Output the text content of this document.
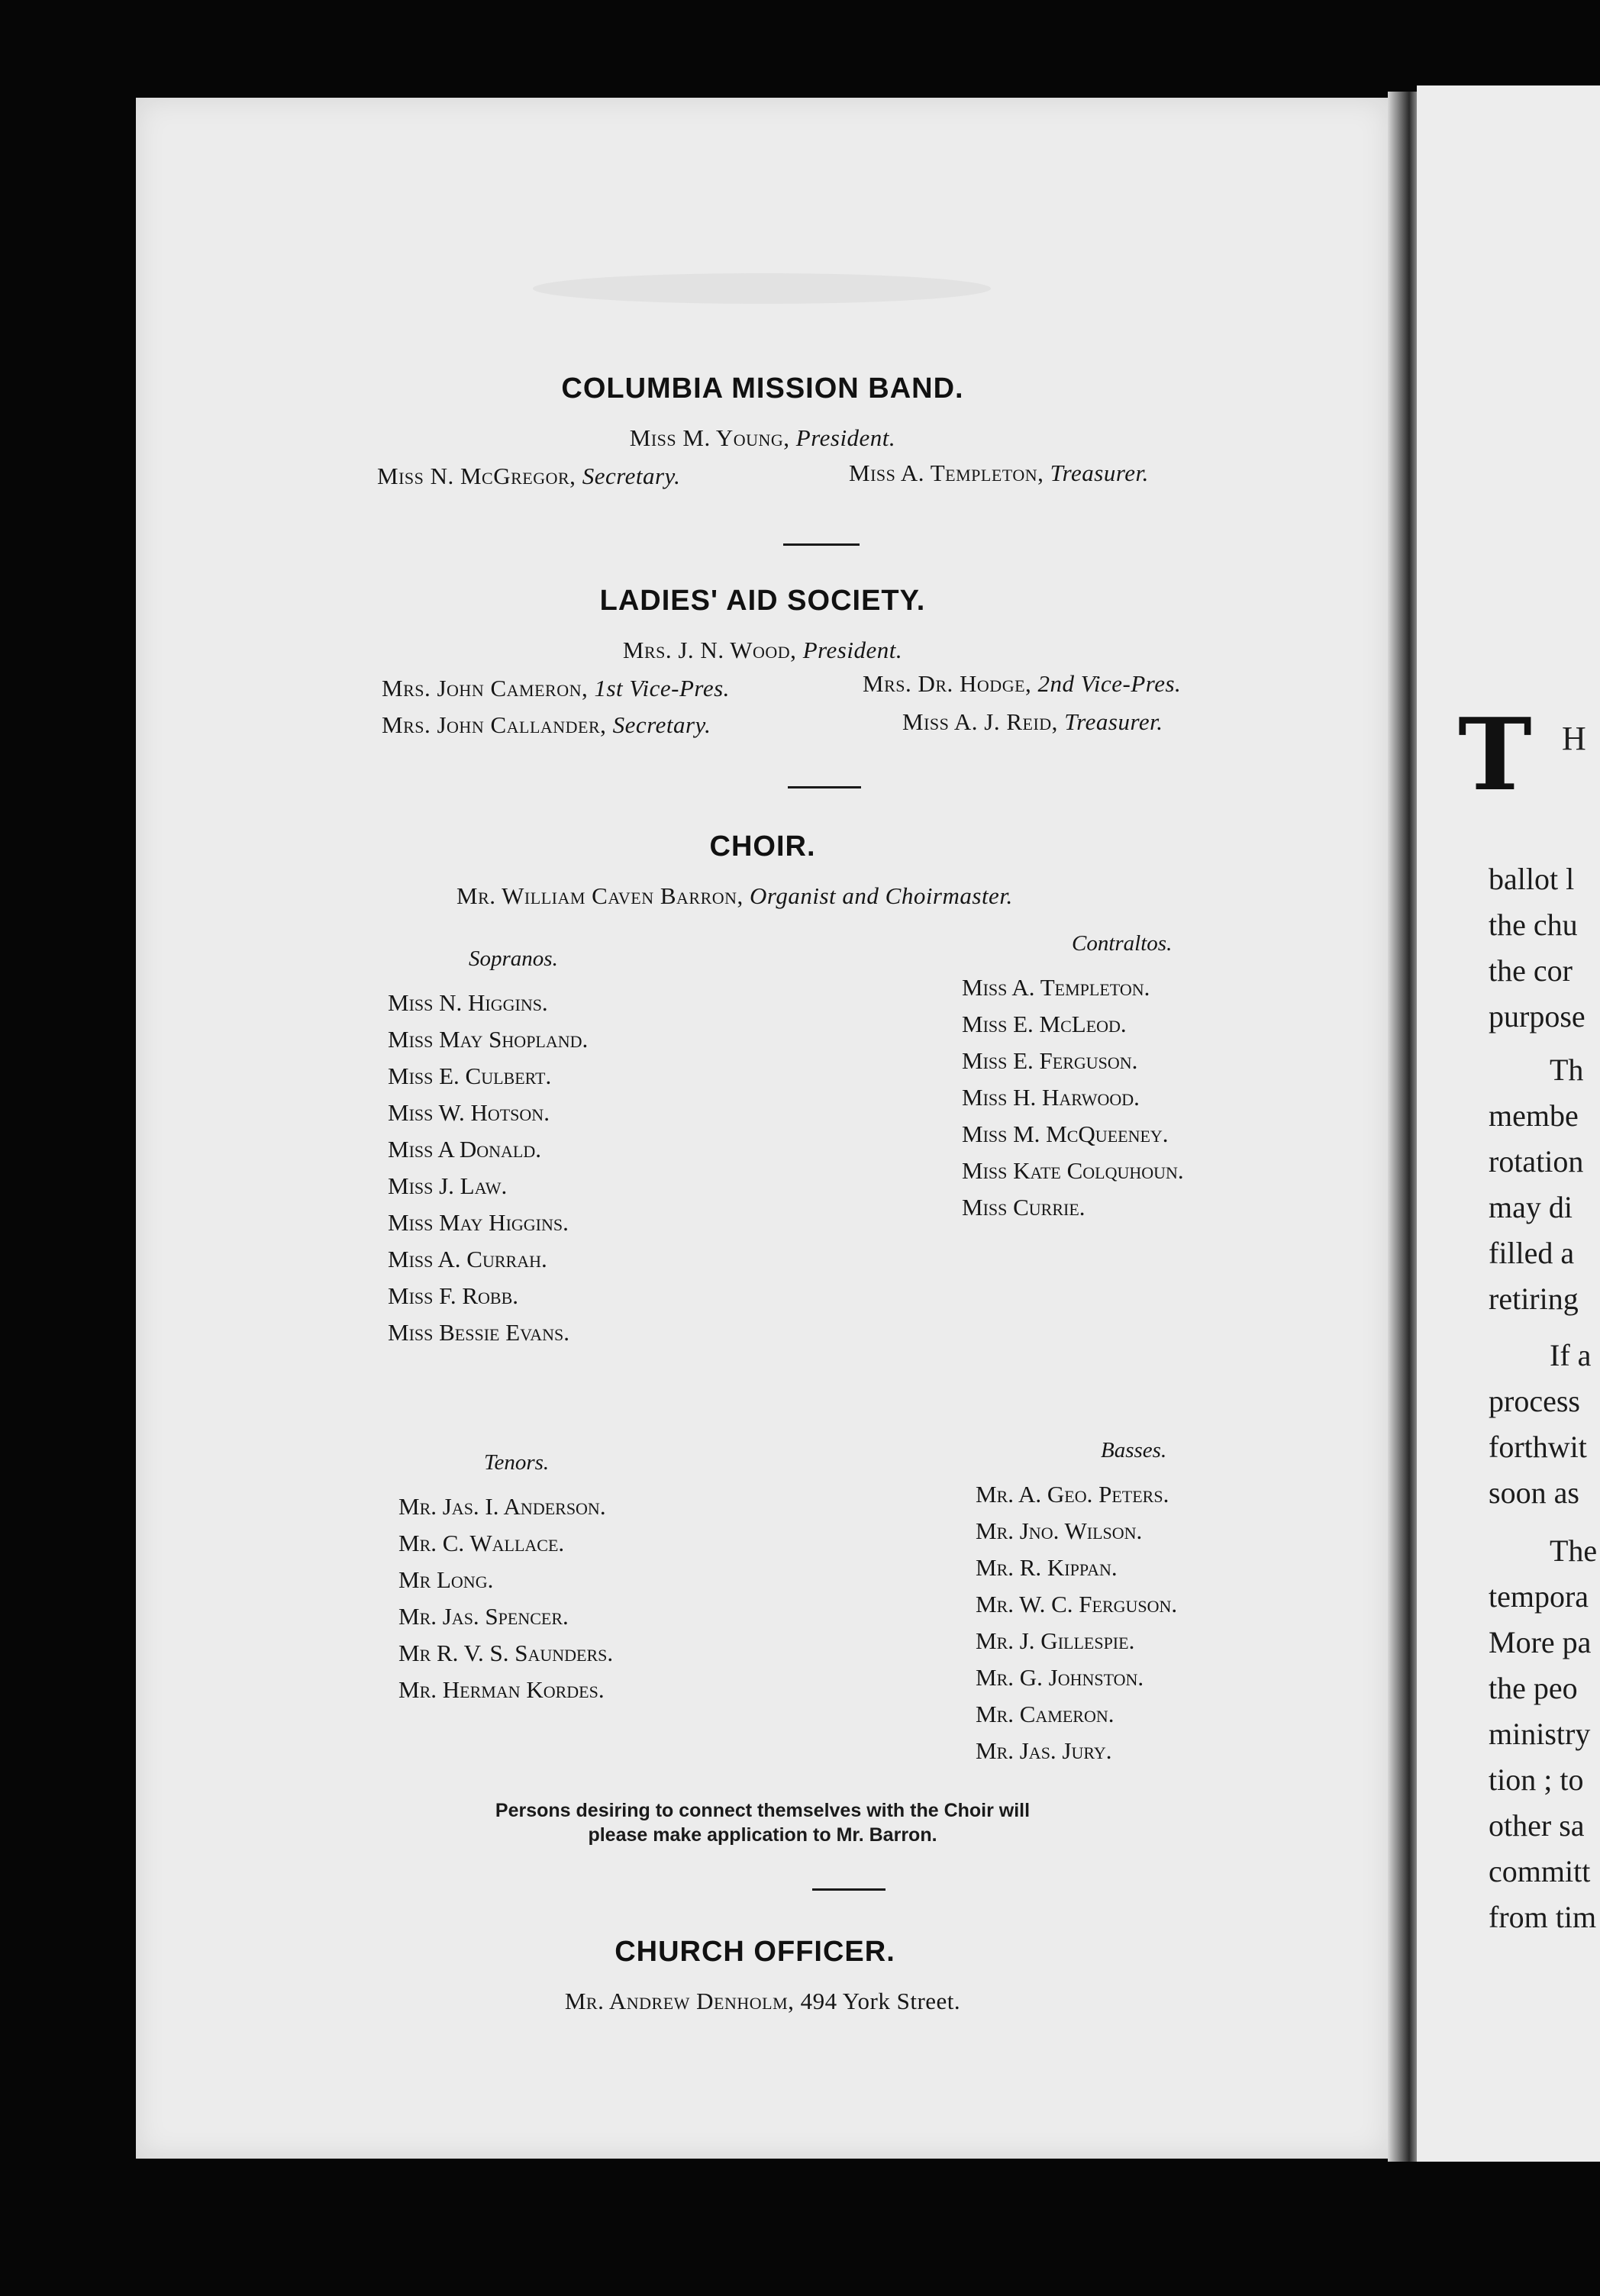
COLUMBIA MISSION BAND.
Miss M. Young, President.
Miss N. McGregor, Secretary.	Miss A. Templeton, Treasurer.
LADIES' AID SOCIETY.
Mrs. J. N. Wood, President.
Mrs. John Cameron, 1st Vice-Pres.	Mrs. Dr. Hodge, 2nd Vice-Pres.
Mrs. John Callander, Secretary.	Miss A. J. Reid, Treasurer.
CHOIR.
Mr. William Caven Barron, Organist and Choirmaster.
Sopranos.
Miss N. Higgins.
Miss May Shopland.
Miss E. Culbert.
Miss W. Hotson.
Miss A Donald.
Miss J. Law.
Miss May Higgins.
Miss A. Currah.
Miss F. Robb.
Miss Bessie Evans.
Contraltos.
Miss A. Templeton.
Miss E. McLeod.
Miss E. Ferguson.
Miss H. Harwood.
Miss M. McQueeney.
Miss Kate Colquhoun.
Miss Currie.
Tenors.
Mr. Jas. I. Anderson.
Mr. C. Wallace.
Mr Long.
Mr. Jas. Spencer.
Mr R. V. S. Saunders.
Mr. Herman Kordes.
Basses.
Mr. A. Geo. Peters.
Mr. Jno. Wilson.
Mr. R. Kippan.
Mr. W. C. Ferguson.
Mr. J. Gillespie.
Mr. G. Johnston.
Mr. Cameron.
Mr. Jas. Jury.
Persons desiring to connect themselves with the Choir will
please make application to Mr. Barron.
CHURCH OFFICER.
Mr. Andrew Denholm, 494 York Street.
T H
ballot l
the chu
the cor
purpose
Th
membe
rotation
may di
filled a
retiring
If a
process
forthwit
soon as
The
tempora
More pa
the peo
ministry
tion ; to
other sa
committ
from tim
